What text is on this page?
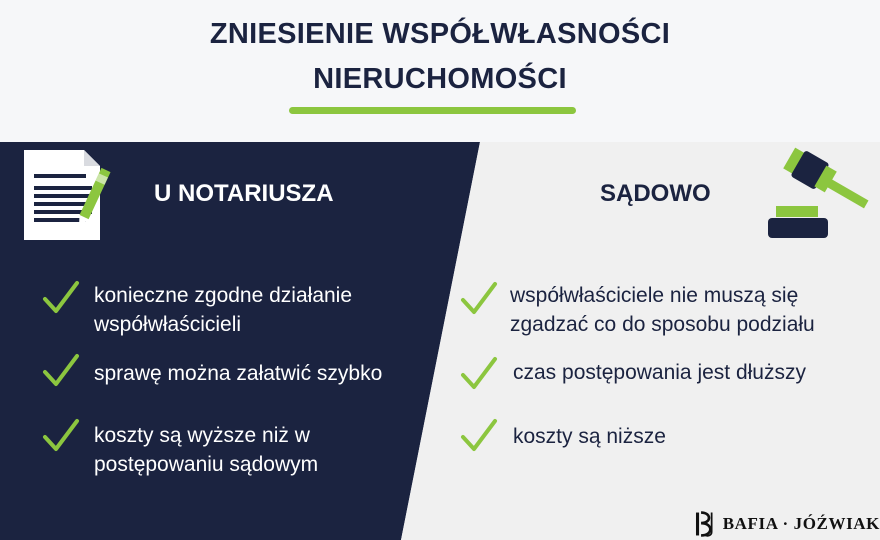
ZNIESIENIE WSPÓŁWŁASNOŚCI
NIERUCHOMOŚCI
U NOTARIUSZA	SĄDOWO
konieczne zgodne działanie współwłaścicieli
sprawę można załatwić szybko
koszty są wyższe niż w postępowaniu sądowym
współwłaściciele nie muszą się zgadzać co do sposobu podziału
czas postępowania jest dłuższy
koszty są niższe
BAFIA · JÓŹWIAK
